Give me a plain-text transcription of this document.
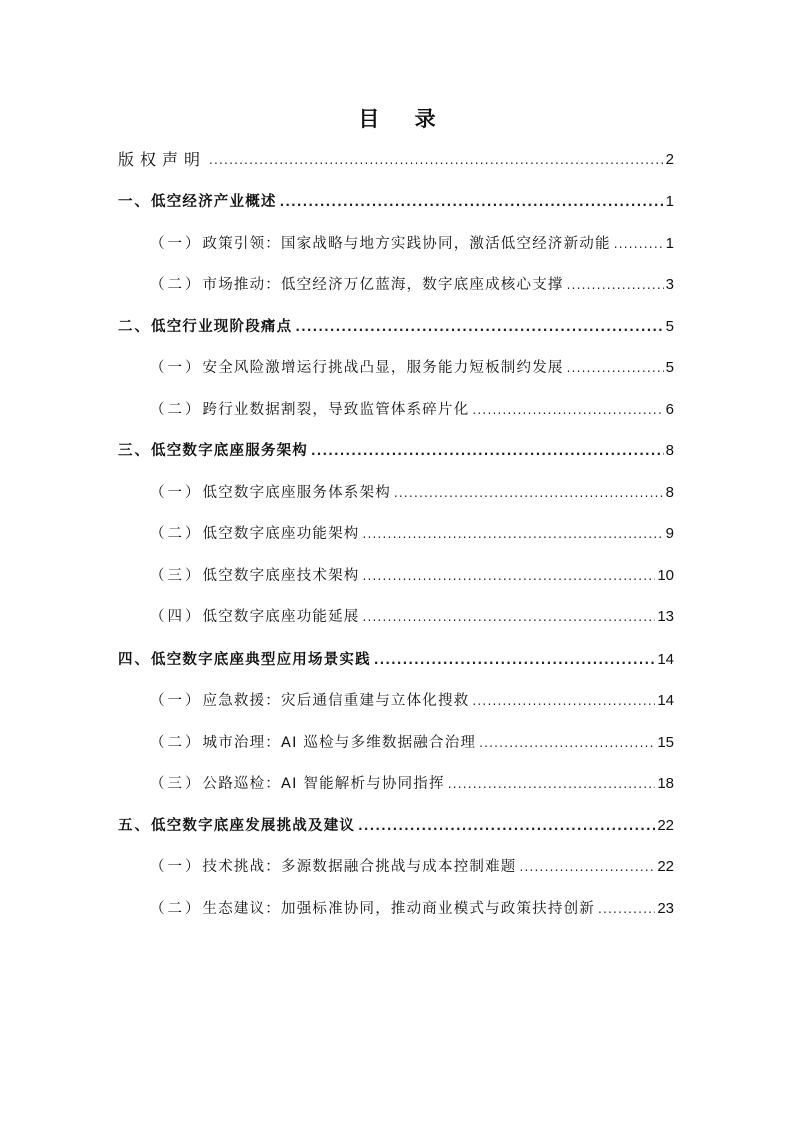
目 录
版权声明 .....	2
一、 低空经济产业概述 .....	1
（一） 政策引领：国家战略与地方实践协同，激活低空经济新动能 .....	1
（二） 市场推动：低空经济万亿蓝海，数字底座成核心支撑 .....	3
二、 低空行业现阶段痛点 .....	5
（一） 安全风险激增运行挑战凸显，服务能力短板制约发展 .....	5
（二） 跨行业数据割裂，导致监管体系碎片化 .....	6
三、 低空数字底座服务架构 .....	8
（一） 低空数字底座服务体系架构 .....	8
（二） 低空数字底座功能架构 .....	9
（三） 低空数字底座技术架构 .....	10
（四） 低空数字底座功能延展 .....	13
四、 低空数字底座典型应用场景实践 .....	14
（一） 应急救援：灾后通信重建与立体化搜救 .....	14
（二） 城市治理：AI 巡检与多维数据融合治理 .....	15
（三） 公路巡检：AI 智能解析与协同指挥 .....	18
五、 低空数字底座发展挑战及建议 .....	22
（一） 技术挑战：多源数据融合挑战与成本控制难题 .....	22
（二） 生态建议：加强标准协同，推动商业模式与政策扶持创新 .....	23
